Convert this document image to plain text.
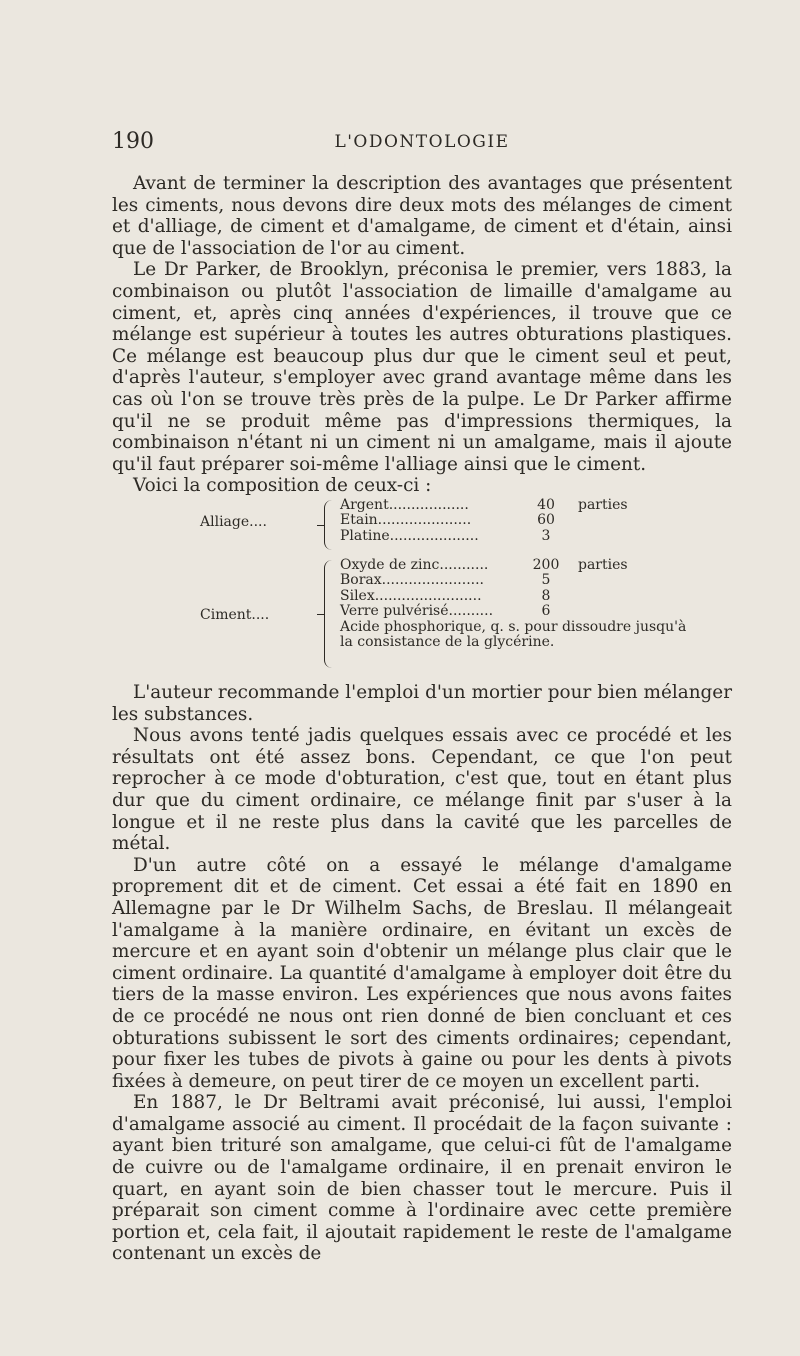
190	L'ODONTOLOGIE

Avant de terminer la description des avantages que présentent les ciments, nous devons dire deux mots des mélanges de ciment et d'alliage, de ciment et d'amalgame, de ciment et d'étain, ainsi que de l'association de l'or au ciment.

Le Dr Parker, de Brooklyn, préconisa le premier, vers 1883, la combinaison ou plutôt l'association de limaille d'amalgame au ciment, et, après cinq années d'expériences, il trouve que ce mélange est supérieur à toutes les autres obturations plastiques. Ce mélange est beaucoup plus dur que le ciment seul et peut, d'après l'auteur, s'employer avec grand avantage même dans les cas où l'on se trouve très près de la pulpe. Le Dr Parker affirme qu'il ne se produit même pas d'impressions thermiques, la combinaison n'étant ni un ciment ni un amalgame, mais il ajoute qu'il faut préparer soi-même l'alliage ainsi que le ciment.

Voici la composition de ceux-ci :

Alliage....
Argent..................	40	parties
Etain.....................	60
Platine....................	3
Ciment....
Oxyde de zinc...........	200	parties
Borax.......................	5
Silex........................	8
Verre pulvérisé..........	6
Acide phosphorique, q. s. pour dissoudre jusqu'à
la consistance de la glycérine.

L'auteur recommande l'emploi d'un mortier pour bien mélanger les substances.

Nous avons tenté jadis quelques essais avec ce procédé et les résultats ont été assez bons. Cependant, ce que l'on peut reprocher à ce mode d'obturation, c'est que, tout en étant plus dur que du ciment ordinaire, ce mélange finit par s'user à la longue et il ne reste plus dans la cavité que les parcelles de métal.

D'un autre côté on a essayé le mélange d'amalgame proprement dit et de ciment. Cet essai a été fait en 1890 en Allemagne par le Dr Wilhelm Sachs, de Breslau. Il mélangeait l'amalgame à la manière ordinaire, en évitant un excès de mercure et en ayant soin d'obtenir un mélange plus clair que le ciment ordinaire. La quantité d'amalgame à employer doit être du tiers de la masse environ. Les expériences que nous avons faites de ce procédé ne nous ont rien donné de bien concluant et ces obturations subissent le sort des ciments ordinaires; cependant, pour fixer les tubes de pivots à gaine ou pour les dents à pivots fixées à demeure, on peut tirer de ce moyen un excellent parti.

En 1887, le Dr Beltrami avait préconisé, lui aussi, l'emploi d'amalgame associé au ciment. Il procédait de la façon suivante : ayant bien trituré son amalgame, que celui-ci fût de l'amalgame de cuivre ou de l'amalgame ordinaire, il en prenait environ le quart, en ayant soin de bien chasser tout le mercure. Puis il préparait son ciment comme à l'ordinaire avec cette première portion et, cela fait, il ajoutait rapidement le reste de l'amalgame contenant un excès de
